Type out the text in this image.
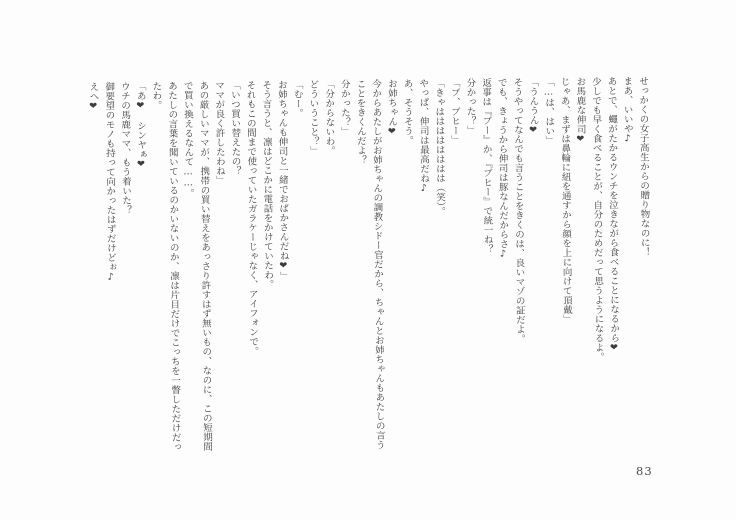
せっかくの女子高生からの贈り物なのに！
まあ、いいや♪
あとで、蠅がたかるウンチを泣きながら食べることになるから❤
少しでも早く食べることが、自分のためだって思うようになるよ。
お馬鹿な伸司❤
じゃあ、まずは鼻輪に紐を通すから顔を上に向けて頂戴」
「…は、はい」
「うんうん❤
そうやってなんでも言うことをきくのは、良いマゾの証だよ。
でも、きょうから伸司は豚なんだからさ♪
返事は『ブー』か、『ブヒー』で統一ね？
分かった？」
「ブ、ブヒー」
「きゃはははははははは（笑）。
やっぱ、伸司は最高だね♪
あ、そうそう。
お姉ちゃん❤
今からあたしがお姉ちゃんの調教シドー官だから、ちゃんとお姉ちゃんもあたしの言う
ことをきくんだよ？
分かった？」
「分からないわ。
どういうこと？」
「むー。
お姉ちゃんも伸司と一緒でおばかさんだね❤」
そう言うと、凛はどこかに電話をかけていたわ。
それもこの間まで使っていたガラケーじゃなく、アイフォンで。
「いつ買い替えたの？
ママが良く許したわね」
あの厳しいママが、携帯の買い替えをあっさり許すはず無いもの、なのに、この短期間
で買い換えるなんて……。
あたしの言葉を聞いているのかいないのか、凛は片目だけでこっちを一瞥しただけだっ
たわ。
「あ❤　シンヤぁ❤
ウチの馬鹿ママ、もう着いた？
御要望のモノも持って向かったはずだけどぉ♪
えへ❤
83
